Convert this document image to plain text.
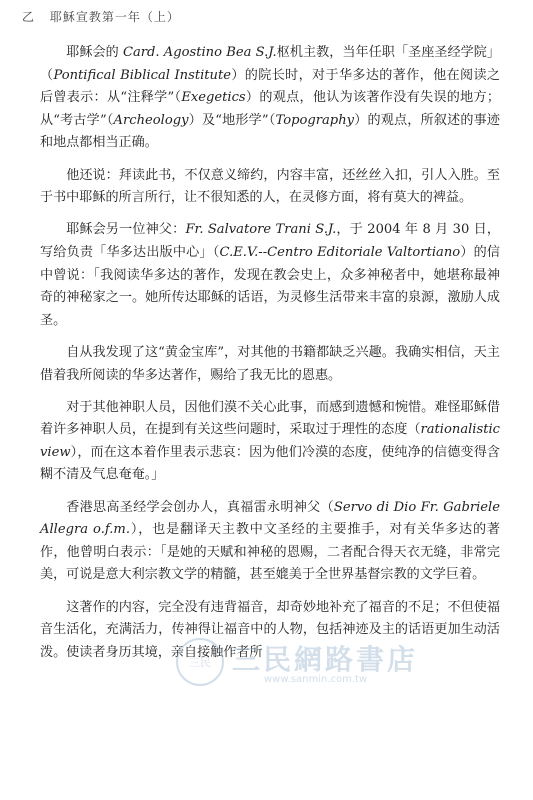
乙 耶穌宣教第一年（上）

耶稣会的 Card. Agostino Bea S.J.枢机主教，当年任职「圣座圣经学院」（Pontifical Biblical Institute）的院长时，对于华多达的著作，他在阅读之后曾表示：从“注释学”（Exegetics）的观点，他认为该著作没有失误的地方；从“考古学”（Archeology）及“地形学”（Topography）的观点，所叙述的事迹和地点都相当正确。

他还说：拜读此书，不仅意义缔约，内容丰富，还丝丝入扣，引人入胜。至于书中耶稣的所言所行，让不很知悉的人，在灵修方面，将有莫大的裨益。

耶稣会另一位神父：Fr. Salvatore Trani S.J.，于 2004 年 8 月 30 日，写给负责「华多达出版中心」（C.E.V.--Centro Editoriale Valtortiano）的信中曾说：「我阅读华多达的著作，发现在教会史上，众多神秘者中，她堪称最神奇的神秘家之一。她所传达耶稣的话语，为灵修生活带来丰富的泉源，激励人成圣。

自从我发现了这“黄金宝库”，对其他的书籍都缺乏兴趣。我确实相信，天主借着我所阅读的华多达著作，赐给了我无比的恩惠。

对于其他神职人员，因他们漠不关心此事，而感到遗憾和惋惜。难怪耶稣借着许多神职人员，在提到有关这些问题时，采取过于理性的态度（rationalistic view），而在这本着作里表示悲哀：因为他们冷漠的态度，使纯净的信德变得含糊不清及气息奄奄。」

香港思高圣经学会创办人，真福雷永明神父（Servo di Dio Fr. Gabriele Allegra o.f.m.），也是翻译天主教中文圣经的主要推手，对有关华多达的著作，他曾明白表示：「是她的天赋和神秘的恩赐，二者配合得天衣无缝，非常完美，可说是意大利宗教文学的精髓，甚至媲美于全世界基督宗教的文学巨着。

这著作的内容，完全没有违背福音，却奇妙地补充了福音的不足；不但使福音生活化，充满活力，传神得让福音中的人物，包括神迹及主的话语更加生动活泼。使读者身历其境，亲自接触作者所

三民 三民網路書店
www.sanmin.com.tw
